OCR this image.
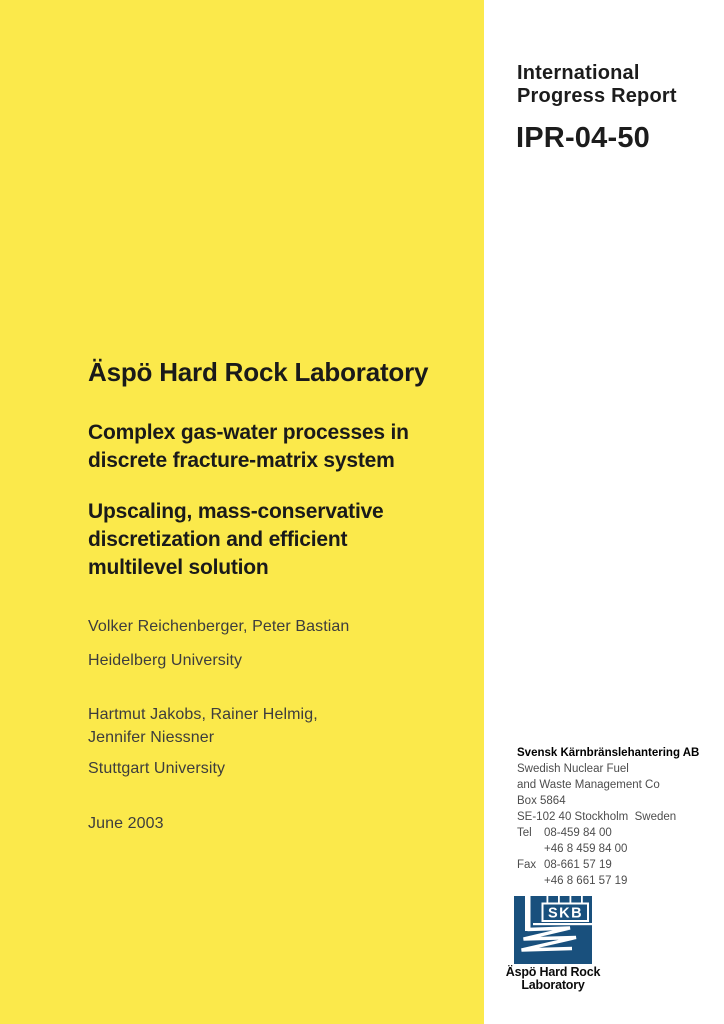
International
Progress Report
IPR-04-50
Äspö Hard Rock Laboratory
Complex gas-water processes in
discrete fracture-matrix system
Upscaling, mass-conservative
discretization and efficient
multilevel solution
Volker Reichenberger, Peter Bastian
Heidelberg University
Hartmut Jakobs, Rainer Helmig,
Jennifer Niessner
Stuttgart University
June 2003
Svensk Kärnbränslehantering AB
Swedish Nuclear Fuel
and Waste Management Co
Box 5864
SE-102 40 Stockholm  Sweden
Tel	08-459 84 00
+46 8 459 84 00
Fax 08-661 57 19
+46 8 661 57 19
SKB
Äspö Hard Rock
Laboratory
